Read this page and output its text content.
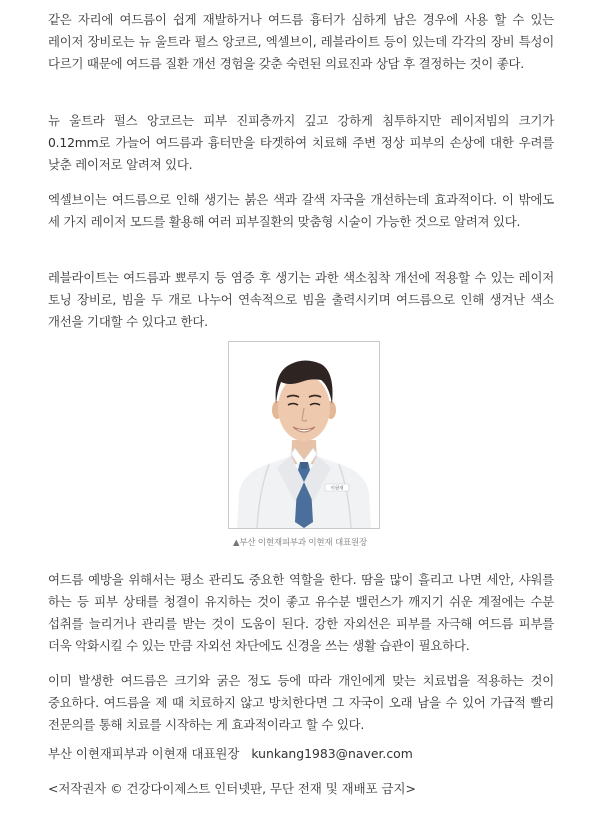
같은 자리에 여드름이 쉽게 재발하거나 여드름 흉터가 심하게 남은 경우에 사용 할 수 있는 레이저 장비로는 뉴 울트라 펄스 앙코르, 엑셀브이, 레블라이트 등이 있는데 각각의 장비 특성이 다르기 때문에 여드름 질환 개선 경험을 갖춘 숙련된 의료진과 상담 후 결정하는 것이 좋다.

뉴 울트라 펄스 앙코르는 피부 진피층까지 깊고 강하게 침투하지만 레이저빔의 크기가 0.12mm로 가늘어 여드름과 흉터만을 타겟하여 치료해 주변 정상 피부의 손상에 대한 우려를 낮춘 레이저로 알려져 있다.

엑셀브이는 여드름으로 인해 생기는 붉은 색과 갈색 자국을 개선하는데 효과적이다. 이 밖에도 세 가지 레이저 모드를 활용해 여러 피부질환의 맞춤형 시술이 가능한 것으로 알려져 있다.

레블라이트는 여드름과 뾰루지 등 염증 후 생기는 과한 색소침착 개선에 적용할 수 있는 레이저 토닝 장비로, 빔을 두 개로 나누어 연속적으로 빔을 출력시키며 여드름으로 인해 생겨난 색소 개선을 기대할 수 있다고 한다.

여드름 예방을 위해서는 평소 관리도 중요한 역할을 한다. 땀을 많이 흘리고 나면 세안, 샤워를 하는 등 피부 상태를 청결이 유지하는 것이 좋고 유수분 밸런스가 깨지기 쉬운 계절에는 수분 섭취를 늘리거나 관리를 받는 것이 도움이 된다. 강한 자외선은 피부를 자극해 여드름 피부를 더욱 악화시킬 수 있는 만큼 자외선 차단에도 신경을 쓰는 생활 습관이 필요하다.

이미 발생한 여드름은 크기와 굵은 정도 등에 따라 개인에게 맞는 치료법을 적용하는 것이 중요하다. 여드름을 제 때 치료하지 않고 방치한다면 그 자국이 오래 남을 수 있어 가급적 빨리 전문의를 통해 치료를 시작하는 게 효과적이라고 할 수 있다.

이현재
▲부산 이현재피부과 이현재 대표원장
부산 이현재피부과 이현재 대표원장 kunkang1983@naver.com
<저작권자 © 건강다이제스트 인터넷판, 무단 전재 및 재배포 금지>
